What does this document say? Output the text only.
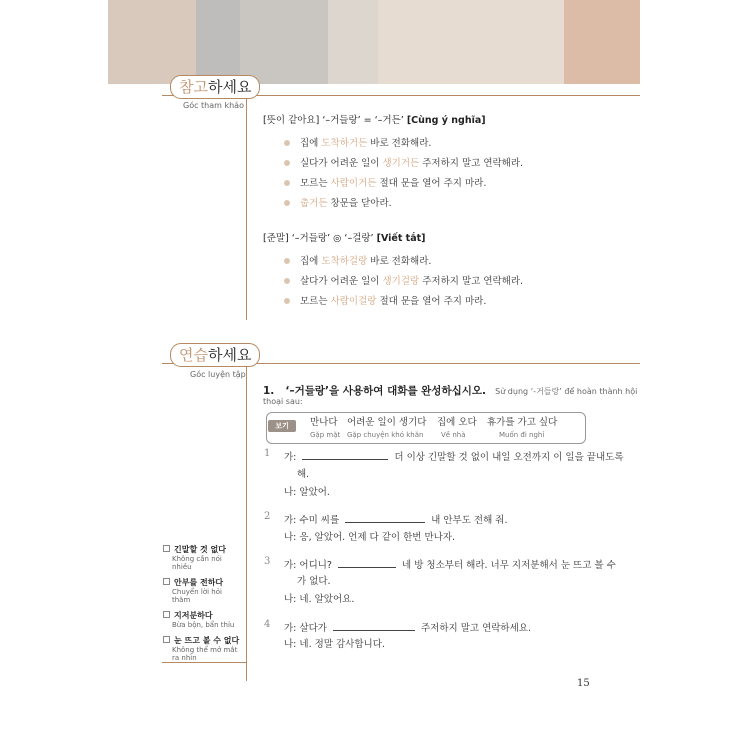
참고하세요
Góc tham khảo
[뜻이 같아요] ‘–거들랑’ = ‘–거든’ [Cùng ý nghĩa]
집에 도착하거든 바로 전화해라.
실다가 어려운 일이 생기거든 주저하지 말고 연락해라.
모르는 사람이거든 절대 문을 열어 주지 마라.
춥거든 창문을 닫아라.
[준말] ‘–거들랑’ ◎ ‘–걸랑’ [Viết tắt]
집에 도착하걸랑 바로 전화해라.
살다가 어려운 일이 생기걸랑 주저하지 말고 연락해라.
모르는 사람이걸랑 절대 문을 열어 주지 마라.
연습하세요
Góc luyện tập
1. ‘–거들랑’을 사용하여 대화를 완성하십시오. Sử dụng ‘-거들랑’ để hoàn thành hội
thoại sau:
보기	만나다
Gặp mặt
어려운 일이 생기다
Gặp chuyện khó khăn
집에 오다
Về nhà
휴가를 가고 싶다
Muốn đi nghỉ
1 가:	더 이상 긴말할 것 없이 내일 오전까지 이 일을 끝내도록
해.
나: 알았어.
2 가: 수미 씨를	내 안부도 전해 줘.
나: 응, 알았어. 언제 다 같이 한번 만나자.
3 가: 어디니?	네 방 청소부터 해라. 너무 지저분해서 눈 뜨고 볼 수
가 없다.
나: 네. 알았어요.
4 가: 살다가	주저하지 말고 연락하세요.
나: 네. 정말 감사합니다.
긴말할 것 없다
Không cần nói nhiều
안부를 전하다
Chuyển lời hỏi thăm
지저분하다
Bừa bộn, bẩn thỉu
눈 뜨고 볼 수 없다
Không thể mở mắt ra nhìn
15
